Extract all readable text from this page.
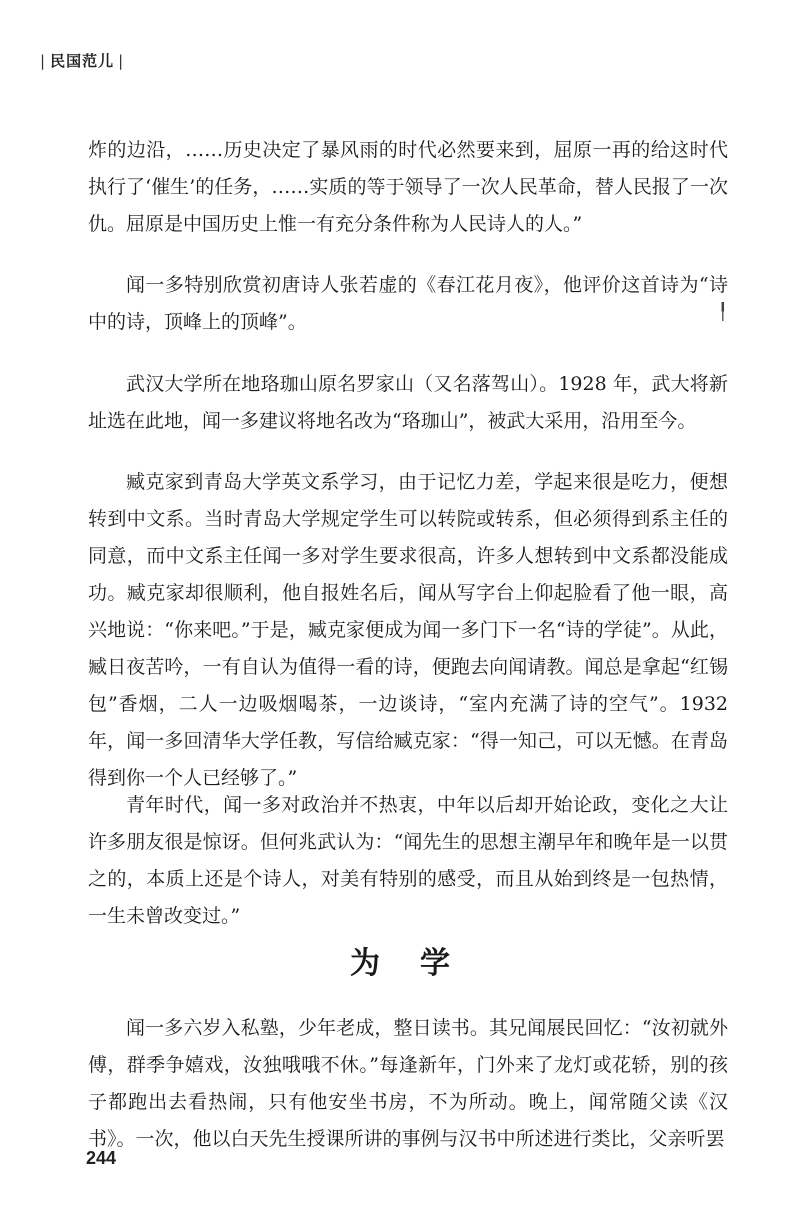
| 民国范儿 |

炸的边沿，……历史决定了暴风雨的时代必然要来到，屈原一再的给这时代执行了‘催生’的任务，……实质的等于领导了一次人民革命，替人民报了一次仇。屈原是中国历史上惟一有充分条件称为人民诗人的人。”

闻一多特别欣赏初唐诗人张若虚的《春江花月夜》，他评价这首诗为“诗中的诗，顶峰上的顶峰”。	╿

武汉大学所在地珞珈山原名罗家山（又名落驾山）。1928 年，武大将新址选在此地，闻一多建议将地名改为“珞珈山”，被武大采用，沿用至今。

臧克家到青岛大学英文系学习，由于记忆力差，学起来很是吃力，便想转到中文系。当时青岛大学规定学生可以转院或转系，但必须得到系主任的同意，而中文系主任闻一多对学生要求很高，许多人想转到中文系都没能成功。臧克家却很顺利，他自报姓名后，闻从写字台上仰起脸看了他一眼，高兴地说：“你来吧。”于是，臧克家便成为闻一多门下一名“诗的学徒”。从此，臧日夜苦吟，一有自认为值得一看的诗，便跑去向闻请教。闻总是拿起“红锡包”香烟，二人一边吸烟喝茶，一边谈诗，“室内充满了诗的空气”。1932 年，闻一多回清华大学任教，写信给臧克家：“得一知己，可以无憾。在青岛得到你一个人已经够了。”

青年时代，闻一多对政治并不热衷，中年以后却开始论政，变化之大让许多朋友很是惊讶。但何兆武认为：“闻先生的思想主潮早年和晚年是一以贯之的，本质上还是个诗人，对美有特别的感受，而且从始到终是一包热情，一生未曾改变过。”

为学

闻一多六岁入私塾，少年老成，整日读书。其兄闻展民回忆：“汝初就外傅，群季争嬉戏，汝独哦哦不休。”每逢新年，门外来了龙灯或花轿，别的孩子都跑出去看热闹，只有他安坐书房，不为所动。晚上，闻常随父读《汉书》。一次，他以白天先生授课所讲的事例与汉书中所述进行类比，父亲听罢

244
